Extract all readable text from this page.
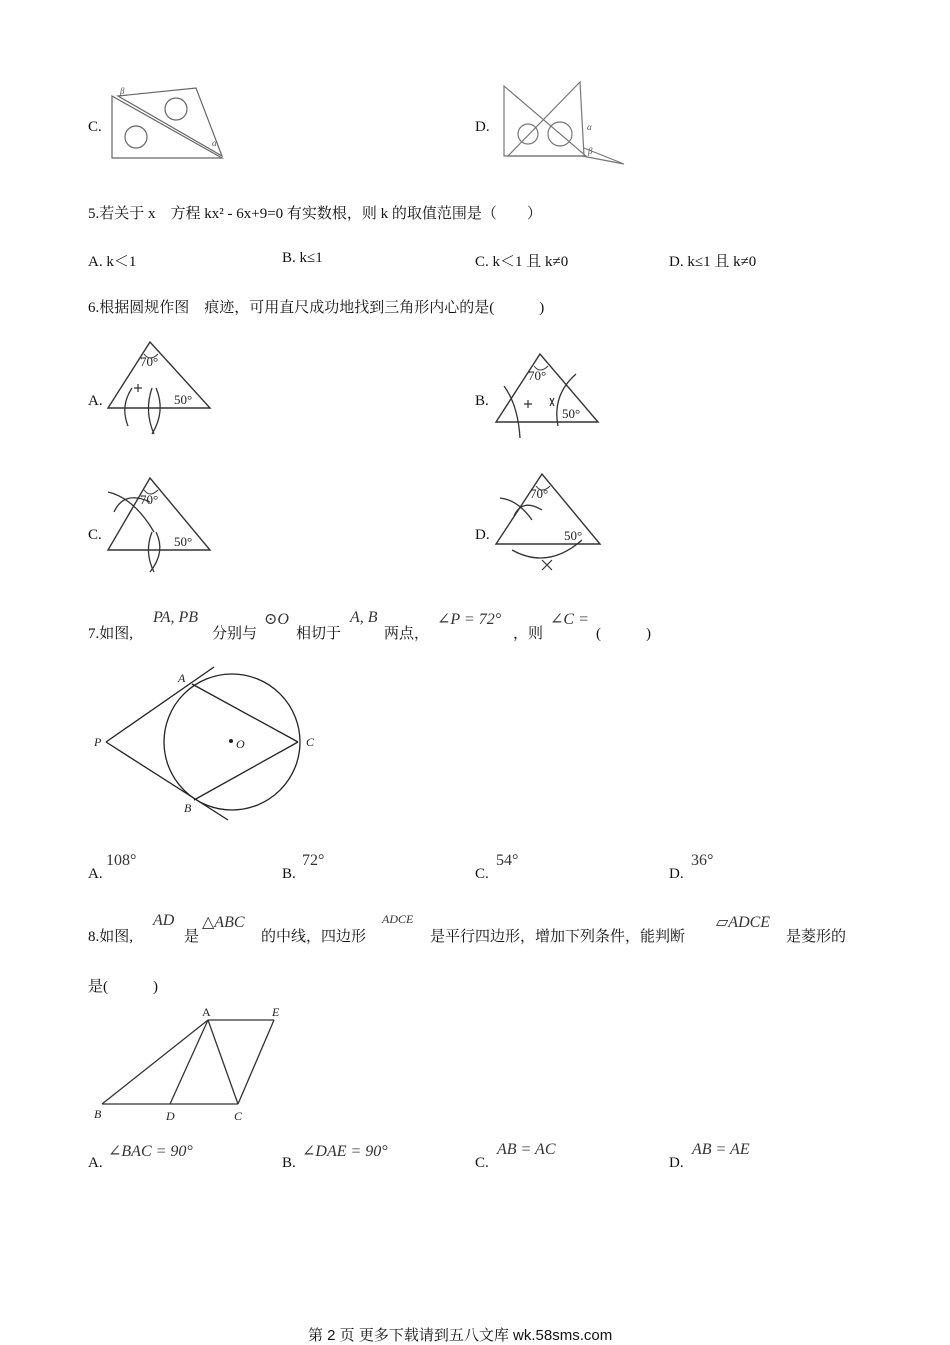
C.
β
α
D.	α
β
5.若关于 x　方程 kx² ‐ 6x+9=0 有实数根，则 k 的取值范围是（　　）
A. k＜1	B. k≤1	C. k＜1 且 k≠0	D. k≤1 且 k≠0
6.根据圆规作图　痕迹，可用直尺成功地找到三角形内心的是(　　　)
A.
70°
50°	B.
70°
50°
C.
70°
50°	D.
70°
50°
7.如图,
PA, PB
分别与
⊙O
相切于
A, B
两点，
∠P = 72°
，则
∠C =
(　　　)
A
B
C
P	O
A.
108°
B.
72°
C.
54°
D.
36°
8.如图,
AD
是
△ABC
的中线，四边形
ADCE
是平行四边形，增加下列条件，能判断
▱ADCE
是菱形的
是(　　　)
A	E
B	D	C
A.
∠BAC = 90°
B.
∠DAE = 90°
C.
AB = AC
D.
AB = AE
第 2 页 更多下载请到五八文库 wk.58sms.com
